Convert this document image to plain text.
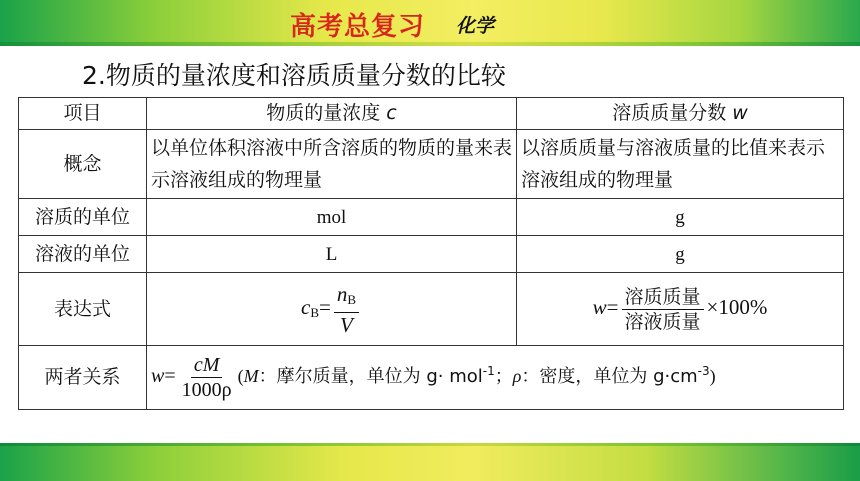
高考总复习 化学
2.物质的量浓度和溶质质量分数的比较
项目	物质的量浓度 c	溶质质量分数 w
概念	以单位体积溶液中所含溶质的物质的量来表示溶液组成的物理量	以溶质质量与溶液质量的比值来表示溶液组成的物理量

溶质的单位	mol	g
溶液的单位	L	g
表达式	$c_B= \frac{n_B}{V}$	$w= \frac{\text{溶质质量}}{\text{溶液质量}} \times 100\%$
两者关系	$w= \frac{cM}{1000\rho} (M$：摩尔质量，单位为 g· mol$^{-1}$；ρ：密度，单位为 $g\cdot cm^{-3}$)	
